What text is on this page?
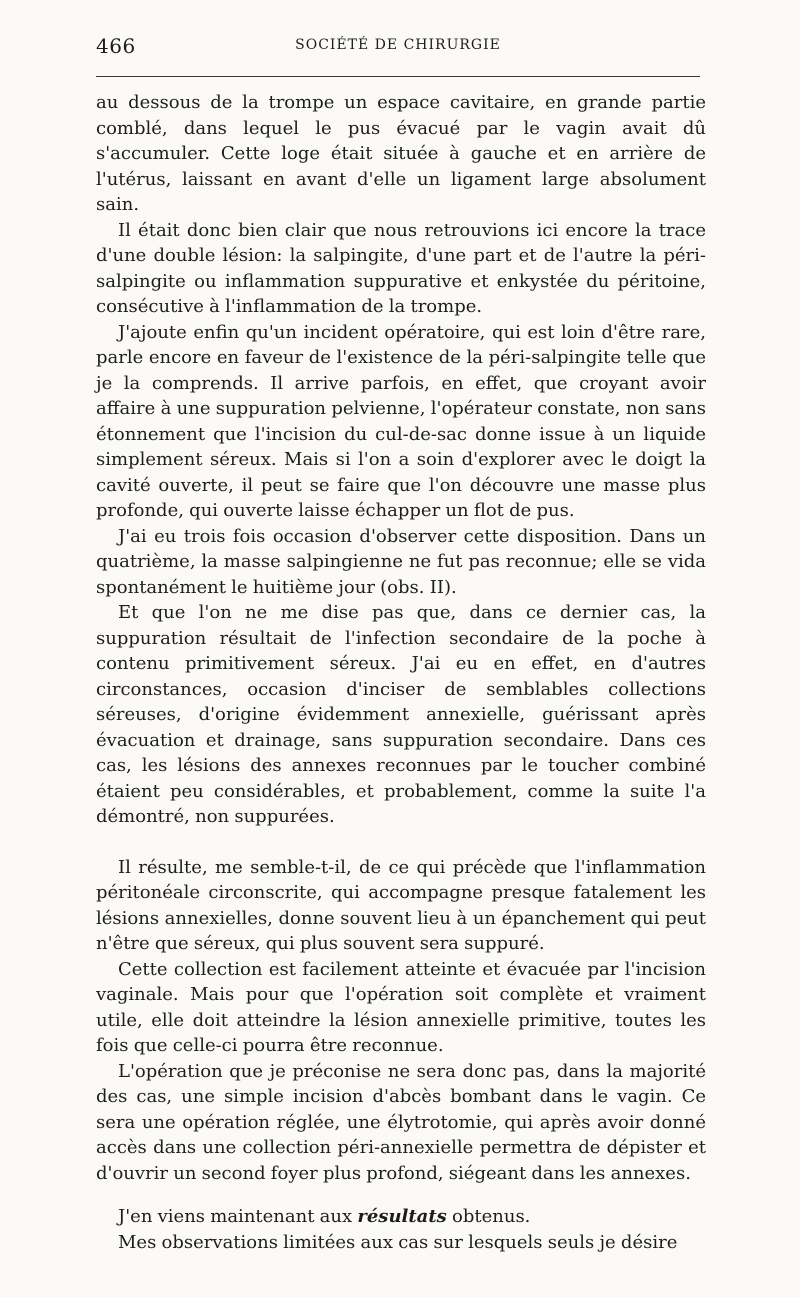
466	SOCIÉTÉ DE CHIRURGIE

au dessous de la trompe un espace cavitaire, en grande partie comblé, dans lequel le pus évacué par le vagin avait dû s'accumuler. Cette loge était située à gauche et en arrière de l'utérus, laissant en avant d'elle un ligament large absolument sain.

Il était donc bien clair que nous retrouvions ici encore la trace d'une double lésion: la salpingite, d'une part et de l'autre la péri-salpingite ou inflammation suppurative et enkystée du péritoine, consécutive à l'inflammation de la trompe.

J'ajoute enfin qu'un incident opératoire, qui est loin d'être rare, parle encore en faveur de l'existence de la péri-salpingite telle que je la comprends. Il arrive parfois, en effet, que croyant avoir affaire à une suppuration pelvienne, l'opérateur constate, non sans étonnement que l'incision du cul-de-sac donne issue à un liquide simplement séreux. Mais si l'on a soin d'explorer avec le doigt la cavité ouverte, il peut se faire que l'on découvre une masse plus profonde, qui ouverte laisse échapper un flot de pus.

J'ai eu trois fois occasion d'observer cette disposition. Dans un quatrième, la masse salpingienne ne fut pas reconnue; elle se vida spontanément le huitième jour (obs. II).

Et que l'on ne me dise pas que, dans ce dernier cas, la suppuration résultait de l'infection secondaire de la poche à contenu primitivement séreux. J'ai eu en effet, en d'autres circonstances, occasion d'inciser de semblables collections séreuses, d'origine évidemment annexielle, guérissant après évacuation et drainage, sans suppuration secondaire. Dans ces cas, les lésions des annexes reconnues par le toucher combiné étaient peu considérables, et probablement, comme la suite l'a démontré, non suppurées.

Il résulte, me semble-t-il, de ce qui précède que l'inflammation péritonéale circonscrite, qui accompagne presque fatalement les lésions annexielles, donne souvent lieu à un épanchement qui peut n'être que séreux, qui plus souvent sera suppuré.

Cette collection est facilement atteinte et évacuée par l'incision vaginale. Mais pour que l'opération soit complète et vraiment utile, elle doit atteindre la lésion annexielle primitive, toutes les fois que celle-ci pourra être reconnue.

L'opération que je préconise ne sera donc pas, dans la majorité des cas, une simple incision d'abcès bombant dans le vagin. Ce sera une opération réglée, une élytrotomie, qui après avoir donné accès dans une collection péri-annexielle permettra de dépister et d'ouvrir un second foyer plus profond, siégeant dans les annexes.

J'en viens maintenant aux résultats obtenus.

Mes observations limitées aux cas sur lesquels seuls je désire
